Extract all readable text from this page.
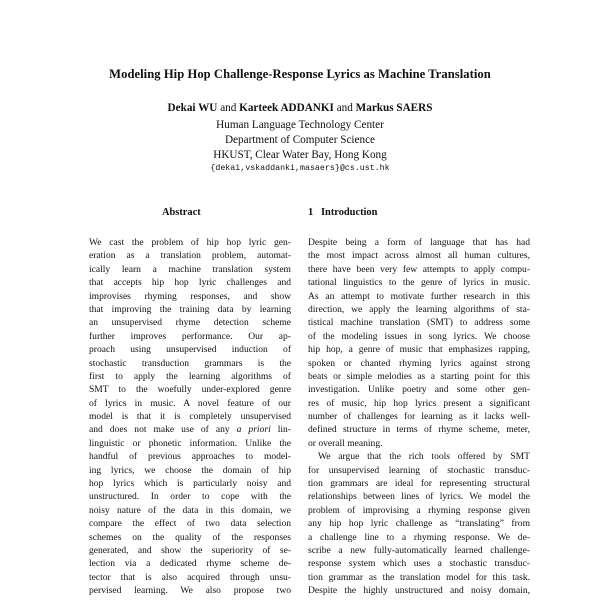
Modeling Hip Hop Challenge-Response Lyrics as Machine Translation
Dekai WU and Karteek ADDANKI and Markus SAERS
Human Language Technology Center
Department of Computer Science
HKUST, Clear Water Bay, Hong Kong
{dekai,vskaddanki,masaers}@cs.ust.hk
Abstract	1 Introduction
We cast the problem of hip hop lyric gen-
eration as a translation problem, automat-
ically learn a machine translation system
that accepts hip hop lyric challenges and
improvises rhyming responses, and show
that improving the training data by learning
an unsupervised rhyme detection scheme
further improves performance. Our ap-
proach using unsupervised induction of
stochastic transduction grammars is the
first to apply the learning algorithms of
SMT to the woefully under-explored genre
of lyrics in music. A novel feature of our
model is that it is completely unsupervised
and does not make use of any a priori lin-
linguistic or phonetic information. Unlike the
handful of previous approaches to model-
ing lyrics, we choose the domain of hip
hop lyrics which is particularly noisy and
unstructured. In order to cope with the
noisy nature of the data in this domain, we
compare the effect of two data selection
schemes on the quality of the responses
generated, and show the superiority of se-
lection via a dedicated rhyme scheme de-
tector that is also acquired through unsu-
pervised learning. We also propose two
Despite being a form of language that has had
the most impact across almost all human cultures,
there have been very few attempts to apply compu-
tational linguistics to the genre of lyrics in music.
As an attempt to motivate further research in this
direction, we apply the learning algorithms of sta-
tistical machine translation (SMT) to address some
of the modeling issues in song lyrics. We choose
hip hop, a genre of music that emphasizes rapping,
spoken or chanted rhyming lyrics against strong
beats or simple melodies as a starting point for this
investigation. Unlike poetry and some other gen-
res of music, hip hop lyrics present a significant
number of challenges for learning as it lacks well-
defined structure in terms of rhyme scheme, meter,
or overall meaning.
We argue that the rich tools offered by SMT
for unsupervised learning of stochastic transduc-
tion grammars are ideal for representing structural
relationships between lines of lyrics. We model the
problem of improvising a rhyming response given
any hip hop lyric challenge as “translating” from
a challenge line to a rhyming response. We de-
scribe a new fully-automatically learned challenge-
response system which uses a stochastic transduc-
tion grammar as the translation model for this task.
Despite the highly unstructured and noisy domain,
